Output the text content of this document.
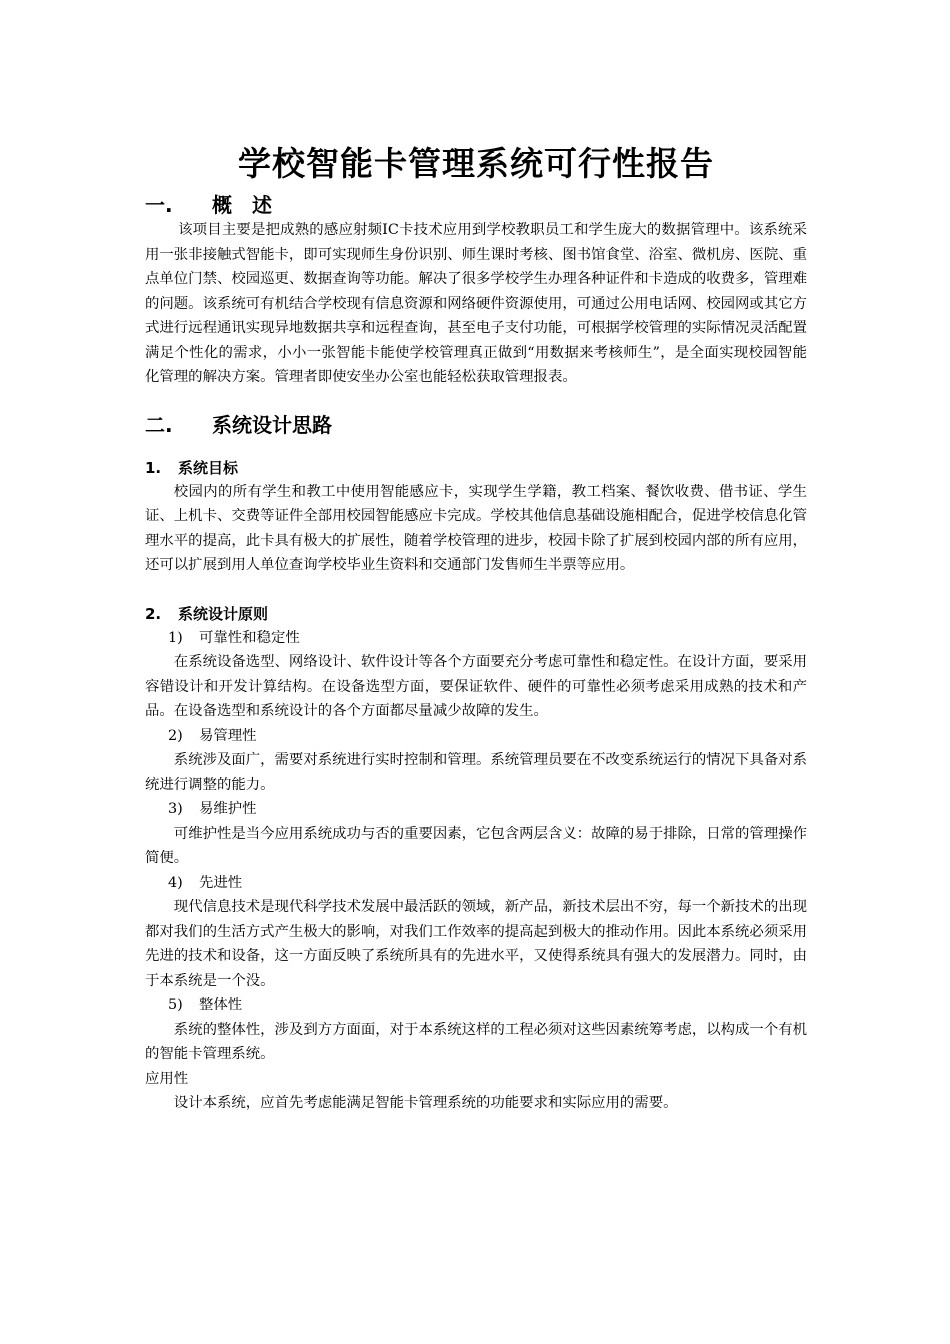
学校智能卡管理系统可行性报告
一.	概　述

该项目主要是把成熟的感应射频IC卡技术应用到学校教职员工和学生庞大的数据管理中。该系统采用一张非接触式智能卡，即可实现师生身份识别、师生课时考核、图书馆食堂、浴室、微机房、医院、重点单位门禁、校园巡更、数据查询等功能。解决了很多学校学生办理各种证件和卡造成的收费多，管理难的问题。该系统可有机结合学校现有信息资源和网络硬件资源使用，可通过公用电话网、校园网或其它方式进行远程通讯实现异地数据共享和远程查询，甚至电子支付功能，可根据学校管理的实际情况灵活配置满足个性化的需求，小小一张智能卡能使学校管理真正做到“用数据来考核师生”，是全面实现校园智能化管理的解决方案。管理者即使安坐办公室也能轻松获取管理报表。

二.	系统设计思路
1.	系统目标

校园内的所有学生和教工中使用智能感应卡，实现学生学籍，教工档案、餐饮收费、借书证、学生证、上机卡、交费等证件全部用校园智能感应卡完成。学校其他信息基础设施相配合，促进学校信息化管理水平的提高，此卡具有极大的扩展性，随着学校管理的进步，校园卡除了扩展到校园内部的所有应用，还可以扩展到用人单位查询学校毕业生资料和交通部门发售师生半票等应用。

2.	系统设计原则
1)	可靠性和稳定性

在系统设备选型、网络设计、软件设计等各个方面要充分考虑可靠性和稳定性。在设计方面，要采用容错设计和开发计算结构。在设备选型方面，要保证软件、硬件的可靠性必须考虑采用成熟的技术和产品。在设备选型和系统设计的各个方面都尽量减少故障的发生。

2)	易管理性

系统涉及面广，需要对系统进行实时控制和管理。系统管理员要在不改变系统运行的情况下具备对系统进行调整的能力。

3)	易维护性

可维护性是当今应用系统成功与否的重要因素，它包含两层含义：故障的易于排除，日常的管理操作简便。

4)	先进性

现代信息技术是现代科学技术发展中最活跃的领域，新产品，新技术层出不穷，每一个新技术的出现都对我们的生活方式产生极大的影响，对我们工作效率的提高起到极大的推动作用。因此本系统必须采用先进的技术和设备，这一方面反映了系统所具有的先进水平，又使得系统具有强大的发展潜力。同时，由于本系统是一个没。

5)	整体性

系统的整体性，涉及到方方面面，对于本系统这样的工程必须对这些因素统筹考虑，以构成一个有机的智能卡管理系统。

应用性

设计本系统，应首先考虑能满足智能卡管理系统的功能要求和实际应用的需要。
